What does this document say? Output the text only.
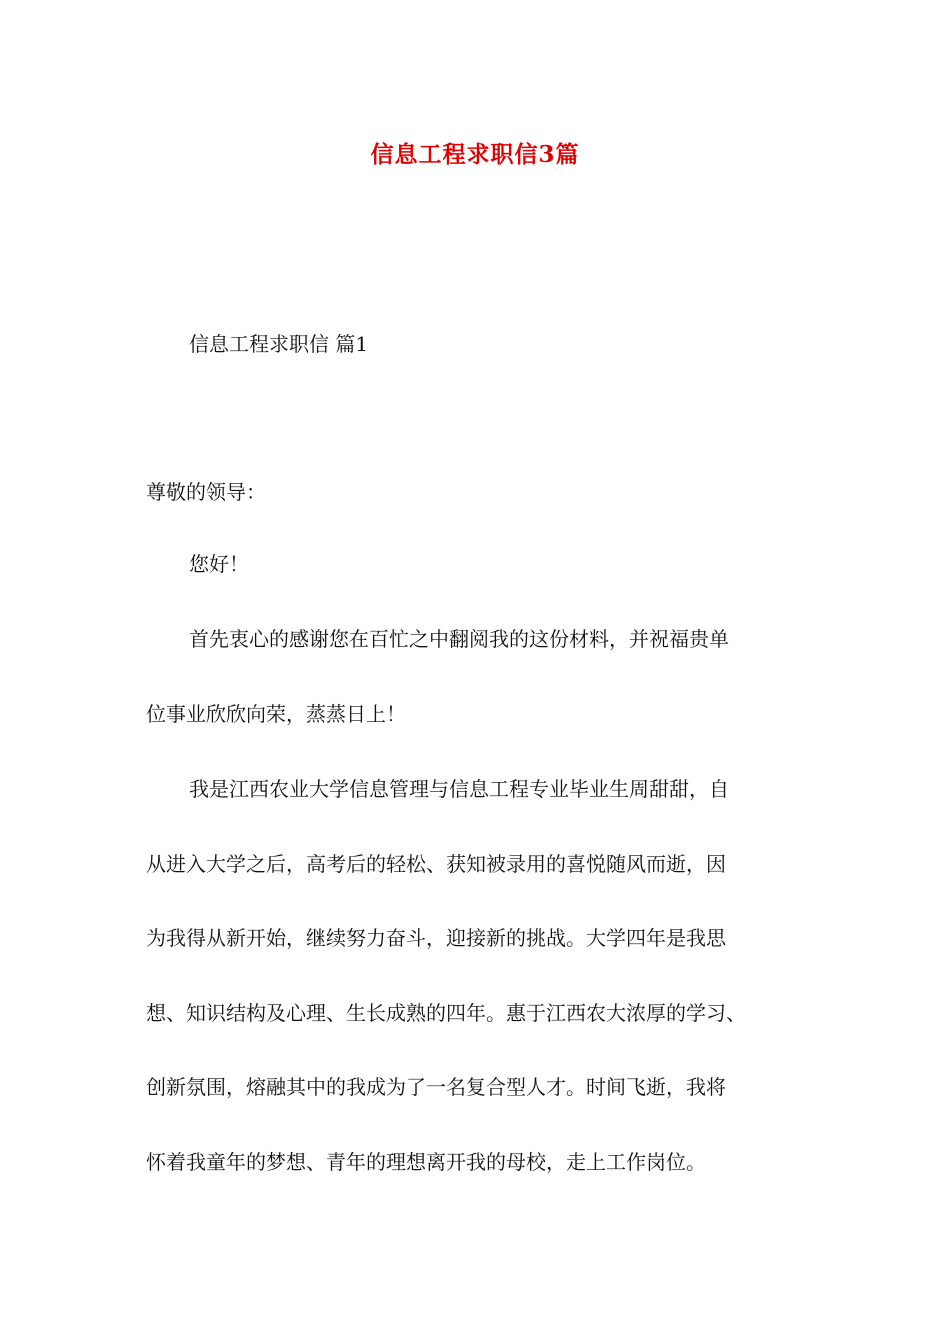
信息工程求职信3篇
信息工程求职信 篇1
尊敬的领导：
您好！
首先衷心的感谢您在百忙之中翻阅我的这份材料，并祝福贵单
位事业欣欣向荣，蒸蒸日上！
我是江西农业大学信息管理与信息工程专业毕业生周甜甜，自
从进入大学之后，高考后的轻松、获知被录用的喜悦随风而逝，因
为我得从新开始，继续努力奋斗，迎接新的挑战。大学四年是我思
想、知识结构及心理、生长成熟的四年。惠于江西农大浓厚的学习、
创新氛围，熔融其中的我成为了一名复合型人才。时间飞逝，我将
怀着我童年的梦想、青年的理想离开我的母校，走上工作岗位。
